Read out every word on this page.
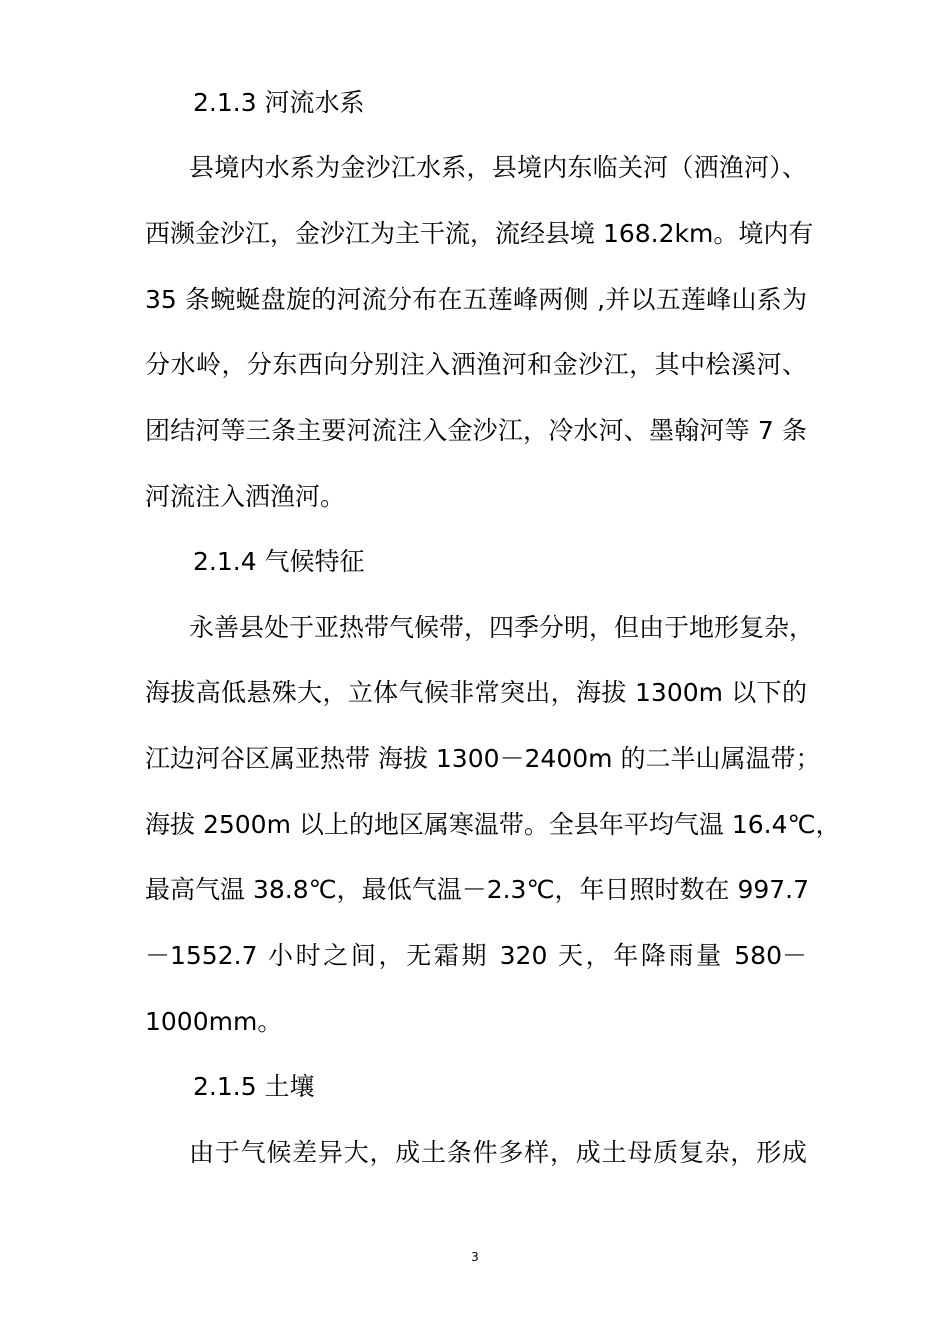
2.1.3 河流水系
县境内水系为金沙江水系，县境内东临关河（洒渔河）、
西濒金沙江，金沙江为主干流，流经县境 168.2km。境内有
35 条蜿蜒盘旋的河流分布在五莲峰两侧 ,并以五莲峰山系为
分水岭，分东西向分别注入洒渔河和金沙江，其中桧溪河、
团结河等三条主要河流注入金沙江，冷水河、墨翰河等 7 条
河流注入洒渔河。
2.1.4 气候特征
永善县处于亚热带气候带，四季分明，但由于地形复杂，
海拔高低悬殊大，立体气候非常突出，海拔 1300m 以下的
江边河谷区属亚热带 海拔 1300－2400m 的二半山属温带；
海拔 2500m 以上的地区属寒温带。全县年平均气温 16.4℃，
最高气温 38.8℃，最低气温－2.3℃，年日照时数在 997.7
－1552.7 小时之间，无霜期 320 天，年降雨量 580－
1000mm。
2.1.5 土壤
由于气候差异大，成土条件多样，成土母质复杂，形成
3
